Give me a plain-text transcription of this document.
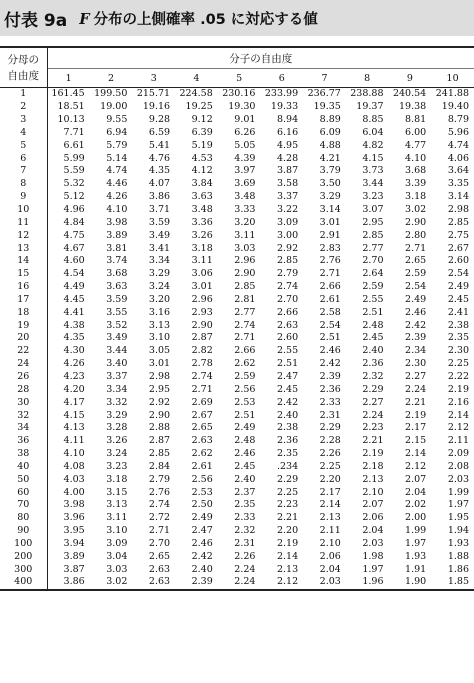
付表 9a F 分布の上側確率 .05 に対応する値
分母の
自由度	分子の自由度									
	1	2	3	4	5	6	7	8	9	10
1	161.45	199.50	215.71	224.58	230.16	233.99	236.77	238.88	240.54	241.88
2	18.51	19.00	19.16	19.25	19.30	19.33	19.35	19.37	19.38	19.40
3	10.13	9.55	9.28	9.12	9.01	8.94	8.89	8.85	8.81	8.79
4	7.71	6.94	6.59	6.39	6.26	6.16	6.09	6.04	6.00	5.96
5	6.61	5.79	5.41	5.19	5.05	4.95	4.88	4.82	4.77	4.74
6	5.99	5.14	4.76	4.53	4.39	4.28	4.21	4.15	4.10	4.06
7	5.59	4.74	4.35	4.12	3.97	3.87	3.79	3.73	3.68	3.64
8	5.32	4.46	4.07	3.84	3.69	3.58	3.50	3.44	3.39	3.35
9	5.12	4.26	3.86	3.63	3.48	3.37	3.29	3.23	3.18	3.14
10	4.96	4.10	3.71	3.48	3.33	3.22	3.14	3.07	3.02	2.98
11	4.84	3.98	3.59	3.36	3.20	3.09	3.01	2.95	2.90	2.85
12	4.75	3.89	3.49	3.26	3.11	3.00	2.91	2.85	2.80	2.75
13	4.67	3.81	3.41	3.18	3.03	2.92	2.83	2.77	2.71	2.67
14	4.60	3.74	3.34	3.11	2.96	2.85	2.76	2.70	2.65	2.60
15	4.54	3.68	3.29	3.06	2.90	2.79	2.71	2.64	2.59	2.54
16	4.49	3.63	3.24	3.01	2.85	2.74	2.66	2.59	2.54	2.49
17	4.45	3.59	3.20	2.96	2.81	2.70	2.61	2.55	2.49	2.45
18	4.41	3.55	3.16	2.93	2.77	2.66	2.58	2.51	2.46	2.41
19	4.38	3.52	3.13	2.90	2.74	2.63	2.54	2.48	2.42	2.38
20	4.35	3.49	3.10	2.87	2.71	2.60	2.51	2.45	2.39	2.35
22	4.30	3.44	3.05	2.82	2.66	2.55	2.46	2.40	2.34	2.30
24	4.26	3.40	3.01	2.78	2.62	2.51	2.42	2.36	2.30	2.25
26	4.23	3.37	2.98	2.74	2.59	2.47	2.39	2.32	2.27	2.22
28	4.20	3.34	2.95	2.71	2.56	2.45	2.36	2.29	2.24	2.19
30	4.17	3.32	2.92	2.69	2.53	2.42	2.33	2.27	2.21	2.16
32	4.15	3.29	2.90	2.67	2.51	2.40	2.31	2.24	2.19	2.14
34	4.13	3.28	2.88	2.65	2.49	2.38	2.29	2.23	2.17	2.12
36	4.11	3.26	2.87	2.63	2.48	2.36	2.28	2.21	2.15	2.11
38	4.10	3.24	2.85	2.62	2.46	2.35	2.26	2.19	2.14	2.09
40	4.08	3.23	2.84	2.61	2.45	.234	2.25	2.18	2.12	2.08
50	4.03	3.18	2.79	2.56	2.40	2.29	2.20	2.13	2.07	2.03
60	4.00	3.15	2.76	2.53	2.37	2.25	2.17	2.10	2.04	1.99
70	3.98	3.13	2.74	2.50	2.35	2.23	2.14	2.07	2.02	1.97
80	3.96	3.11	2.72	2.49	2.33	2.21	2.13	2.06	2.00	1.95
90	3.95	3.10	2.71	2.47	2.32	2.20	2.11	2.04	1.99	1.94
100	3.94	3.09	2.70	2.46	2.31	2.19	2.10	2.03	1.97	1.93
200	3.89	3.04	2.65	2.42	2.26	2.14	2.06	1.98	1.93	1.88
300	3.87	3.03	2.63	2.40	2.24	2.13	2.04	1.97	1.91	1.86
400	3.86	3.02	2.63	2.39	2.24	2.12	2.03	1.96	1.90	1.85
